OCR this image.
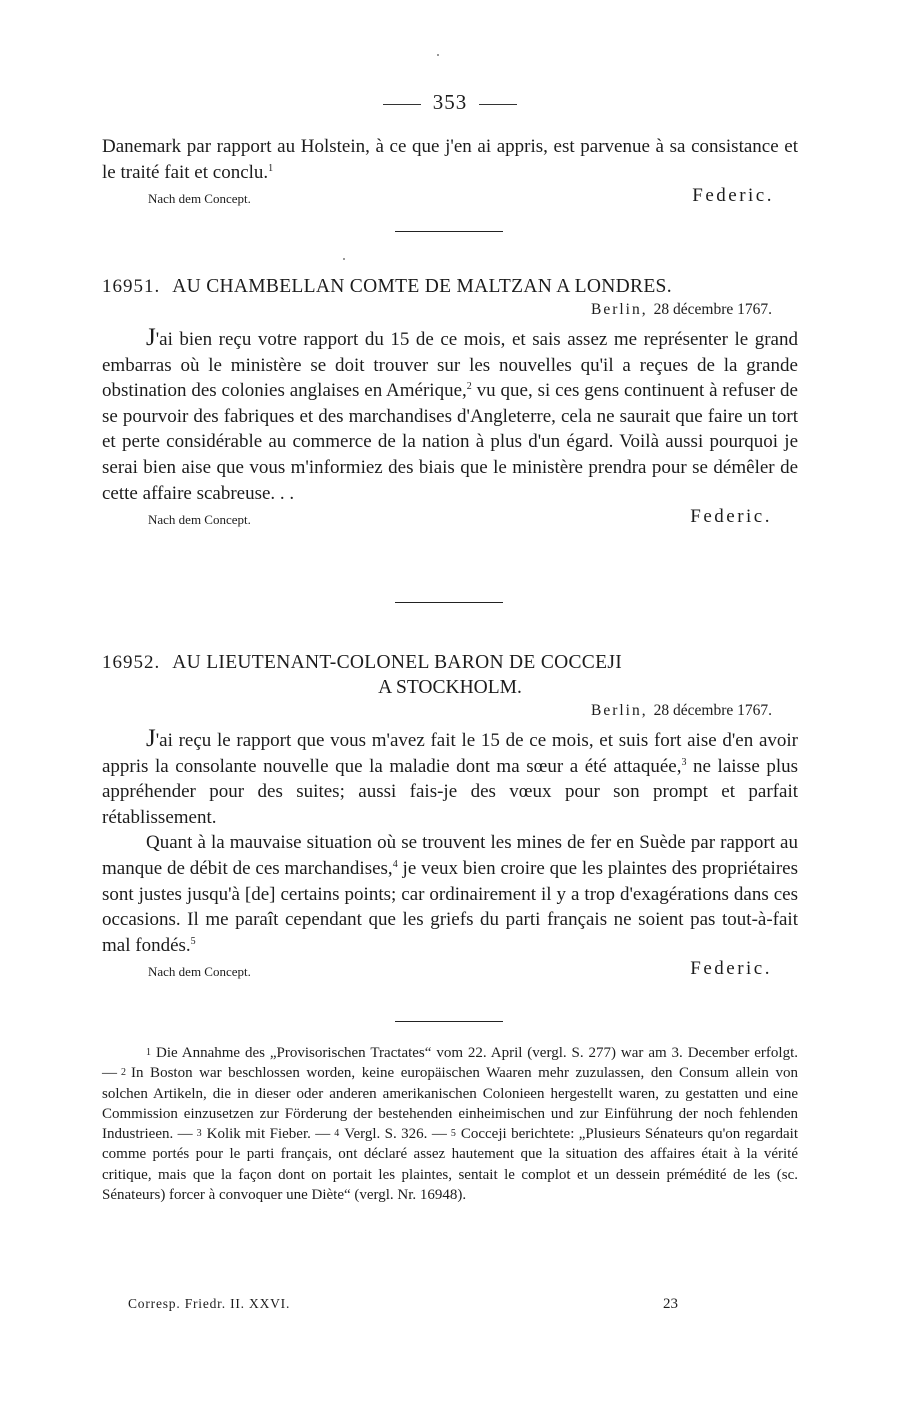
353

Danemark par rapport au Holstein, à ce que j'en ai appris, est parvenue à sa consistance et le traité fait et conclu.$^1$

Nach dem Concept.	Federic.

16951. AU CHAMBELLAN COMTE DE MALTZAN A LONDRES.

Berlin, 28 décembre 1767.

J'ai bien reçu votre rapport du 15 de ce mois, et sais assez me représenter le grand embarras où le ministère se doit trouver sur les nouvelles qu'il a reçues de la grande obstination des colonies anglaises en Amérique,$^2$ vu que, si ces gens continuent à refuser de se pourvoir des fabriques et des marchandises d'Angleterre, cela ne saurait que faire un tort et perte considérable au commerce de la nation à plus d'un égard. Voilà aussi pourquoi je serai bien aise que vous m'informiez des biais que le ministère prendra pour se démêler de cette affaire scabreuse. . .

Nach dem Concept.	Federic.

16952. AU LIEUTENANT-COLONEL BARON DE COCCEJI

A STOCKHOLM.

Berlin, 28 décembre 1767.

J'ai reçu le rapport que vous m'avez fait le 15 de ce mois, et suis fort aise d'en avoir appris la consolante nouvelle que la maladie dont ma sœur a été attaquée,$^3$ ne laisse plus appréhender pour des suites; aussi fais-je des vœux pour son prompt et parfait rétablissement.

Quant à la mauvaise situation où se trouvent les mines de fer en Suède par rapport au manque de débit de ces marchandises,$^4$ je veux bien croire que les plaintes des propriétaires sont justes jusqu'à [de] certains points; car ordinairement il y a trop d'exagérations dans ces occasions. Il me paraît cependant que les griefs du parti français ne soient pas tout-à-fait mal fondés.$^5$

Nach dem Concept.	Federic.

1 Die Annahme des „Provisorischen Tractates“ vom 22. April (vergl. S. 277) war am 3. December erfolgt. — 2 In Boston war beschlossen worden, keine europäischen Waaren mehr zuzulassen, den Consum allein von solchen Artikeln, die in dieser oder anderen amerikanischen Colonieen hergestellt waren, zu gestatten und eine Commission einzusetzen zur Förderung der bestehenden einheimischen und zur Einführung der noch fehlenden Industrieen. — 3 Kolik mit Fieber. — 4 Vergl. S. 326. — 5 Cocceji berichtete: „Plusieurs Sénateurs qu'on regardait comme portés pour le parti français, ont déclaré assez hautement que la situation des affaires était à la vérité critique, mais que la façon dont on portait les plaintes, sentait le complot et un dessein prémédité de les (sc. Sénateurs) forcer à convoquer une Diète“ (vergl. Nr. 16948).

Corresp. Friedr. II. XXVI.	23
